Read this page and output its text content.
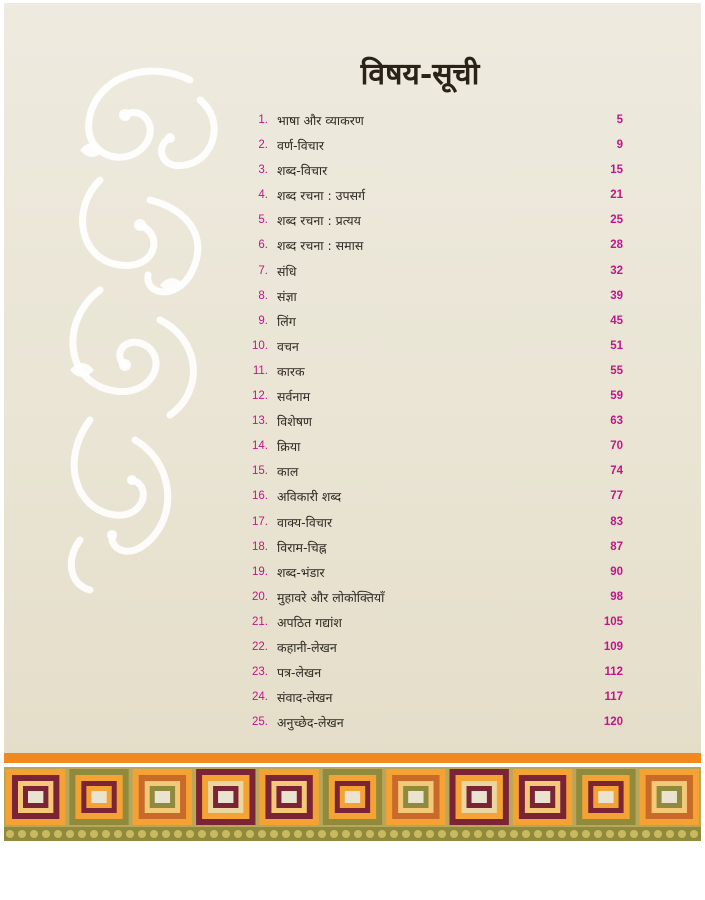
विषय-सूची
1. भाषा और व्याकरण	5
2. वर्ण-विचार	9
3. शब्द-विचार	15
4. शब्द रचना : उपसर्ग	21
5. शब्द रचना : प्रत्यय	25
6. शब्द रचना : समास	28
7. संधि	32
8. संज्ञा	39
9. लिंग	45
10. वचन	51
11. कारक	55
12. सर्वनाम	59
13. विशेषण	63
14. क्रिया	70
15. काल	74
16. अविकारी शब्द	77
17. वाक्य-विचार	83
18. विराम-चिह्न	87
19. शब्द-भंडार	90
20. मुहावरे और लोकोक्तियाँ	98
21. अपठित गद्यांश	105
22. कहानी-लेखन	109
23. पत्र-लेखन	112
24. संवाद-लेखन	117
25. अनुच्छेद-लेखन	120
